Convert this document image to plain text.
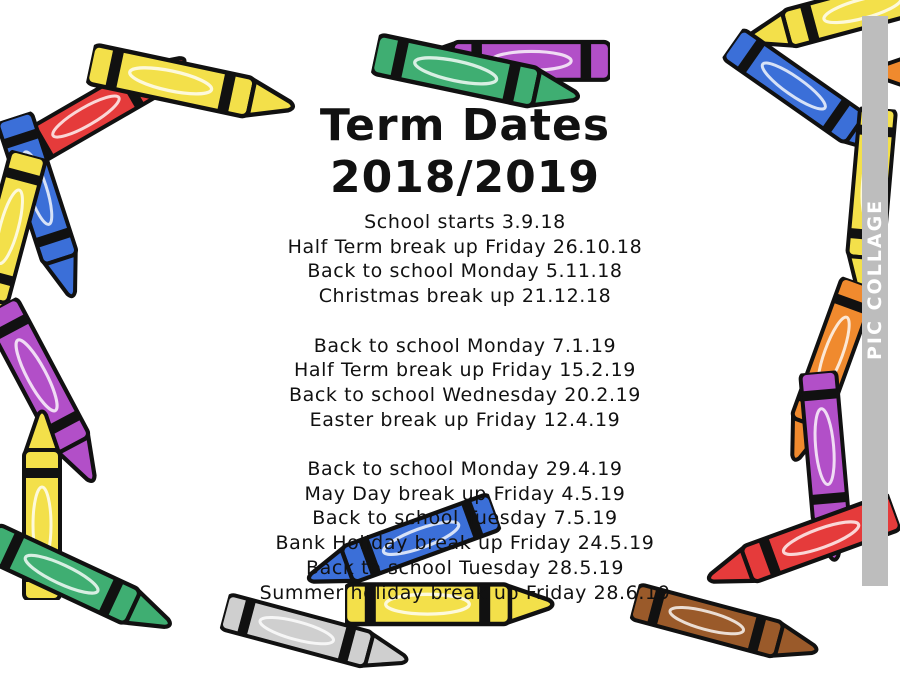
Term Dates 2018/2019
School starts 3.9.18
Half Term break up Friday 26.10.18
Back to school Monday 5.11.18
Christmas break up 21.12.18
Back to school Monday 7.1.19
Half Term break up Friday 15.2.19
Back to school Wednesday 20.2.19
Easter break up Friday 12.4.19
Back to school Monday 29.4.19
May Day break up Friday 4.5.19
Back to school Tuesday 7.5.19
Bank Holiday break up Friday 24.5.19
Back to school Tuesday 28.5.19
Summer holiday break up Friday 28.6.19
PIC COLLAGE
